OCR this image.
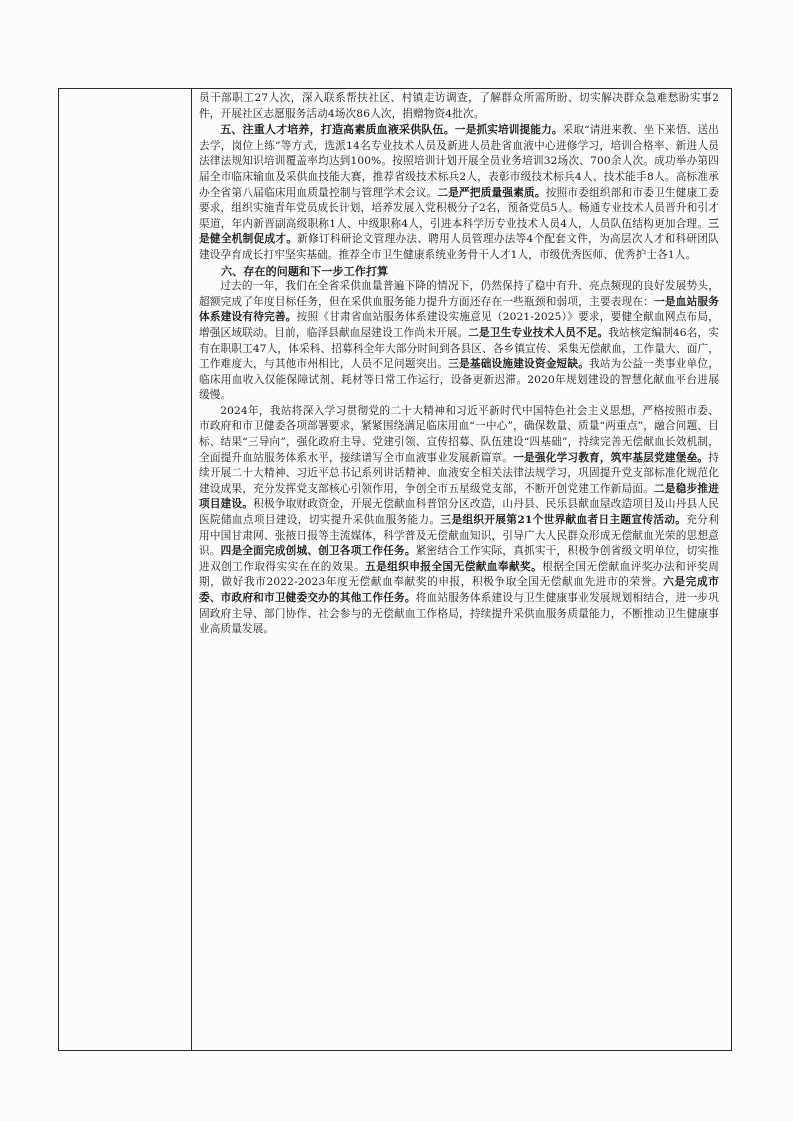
员干部职工27人次，深入联系帮扶社区、村镇走访调查，了解群众所需所盼、切实解决群众急难愁盼实事2件，开展社区志愿服务活动4场次86人次，捐赠物资4批次。

五、注重人才培养，打造高素质血液采供队伍。一是抓实培训提能力。采取“请进来教、坐下来悟、送出去学，岗位上练”等方式，选派14名专业技术人员及新进人员赴省血液中心进修学习，培训合格率、新进人员法律法规知识培训覆盖率均达到100%。按照培训计划开展全员业务培训32场次、700余人次。成功举办第四届全市临床输血及采供血技能大赛，推荐省级技术标兵2人，表彰市级技术标兵4人、技术能手8人。高标准承办全省第八届临床用血质量控制与管理学术会议。二是严把质量强素质。按照市委组织部和市委卫生健康工委要求，组织实施青年党员成长计划，培养发展入党积极分子2名，预备党员5人。畅通专业技术人员晋升和引才渠道，年内新晋副高级职称1人、中级职称4人，引进本科学历专业技术人员4人，人员队伍结构更加合理。三是健全机制促成才。新修订科研论文管理办法、聘用人员管理办法等4个配套文件，为高层次人才和科研团队建设孕育成长打牢坚实基础。推荐全市卫生健康系统业务骨干人才1人，市级优秀医师、优秀护士各1人。

六、存在的问题和下一步工作打算

过去的一年，我们在全省采供血量普遍下降的情况下，仍然保持了稳中有升、亮点频现的良好发展势头，超额完成了年度目标任务，但在采供血服务能力提升方面还存在一些瓶颈和弱项，主要表现在：一是血站服务体系建设有待完善。按照《甘肃省血站服务体系建设实施意见（2021-2025）》要求，要健全献血网点布局，增强区域联动。目前，临泽县献血屋建设工作尚未开展。二是卫生专业技术人员不足。我站核定编制46名，实有在职职工47人，体采科、招募科全年大部分时间到各县区、各乡镇宣传、采集无偿献血，工作量大、面广，工作难度大，与其他市州相比，人员不足问题突出。三是基础设施建设资金短缺。我站为公益一类事业单位，临床用血收入仅能保障试剂、耗材等日常工作运行，设备更新迟滞。2020年规划建设的智慧化献血平台进展缓慢。

2024年，我站将深入学习贯彻党的二十大精神和习近平新时代中国特色社会主义思想，严格按照市委、市政府和市卫健委各项部署要求，紧紧围绕满足临床用血“一中心”，确保数量、质量“两重点”，融合问题、目标、结果“三导向”，强化政府主导、党建引领、宣传招募、队伍建设“四基础”，持续完善无偿献血长效机制，全面提升血站服务体系水平，接续谱写全市血液事业发展新篇章。一是强化学习教育，筑牢基层党建堡垒。持续开展二十大精神、习近平总书记系列讲话精神、血液安全相关法律法规学习，巩固提升党支部标准化规范化建设成果，充分发挥党支部核心引领作用，争创全市五星级党支部，不断开创党建工作新局面。二是稳步推进项目建设。积极争取财政资金，开展无偿献血科普馆分区改造，山丹县、民乐县献血屋改造项目及山丹县人民医院储血点项目建设，切实提升采供血服务能力。三是组织开展第21个世界献血者日主题宣传活动。充分利用中国甘肃网、张掖日报等主流媒体，科学普及无偿献血知识，引导广大人民群众形成无偿献血光荣的思想意识。四是全面完成创城、创卫各项工作任务。紧密结合工作实际，真抓实干，积极争创省级文明单位，切实推进双创工作取得实实在在的效果。五是组织申报全国无偿献血奉献奖。根据全国无偿献血评奖办法和评奖周期，做好我市2022-2023年度无偿献血奉献奖的申报，积极争取全国无偿献血先进市的荣誉。六是完成市委、市政府和市卫健委交办的其他工作任务。将血站服务体系建设与卫生健康事业发展规划相结合，进一步巩固政府主导、部门协作、社会参与的无偿献血工作格局，持续提升采供血服务质量能力，不断推动卫生健康事业高质量发展。
